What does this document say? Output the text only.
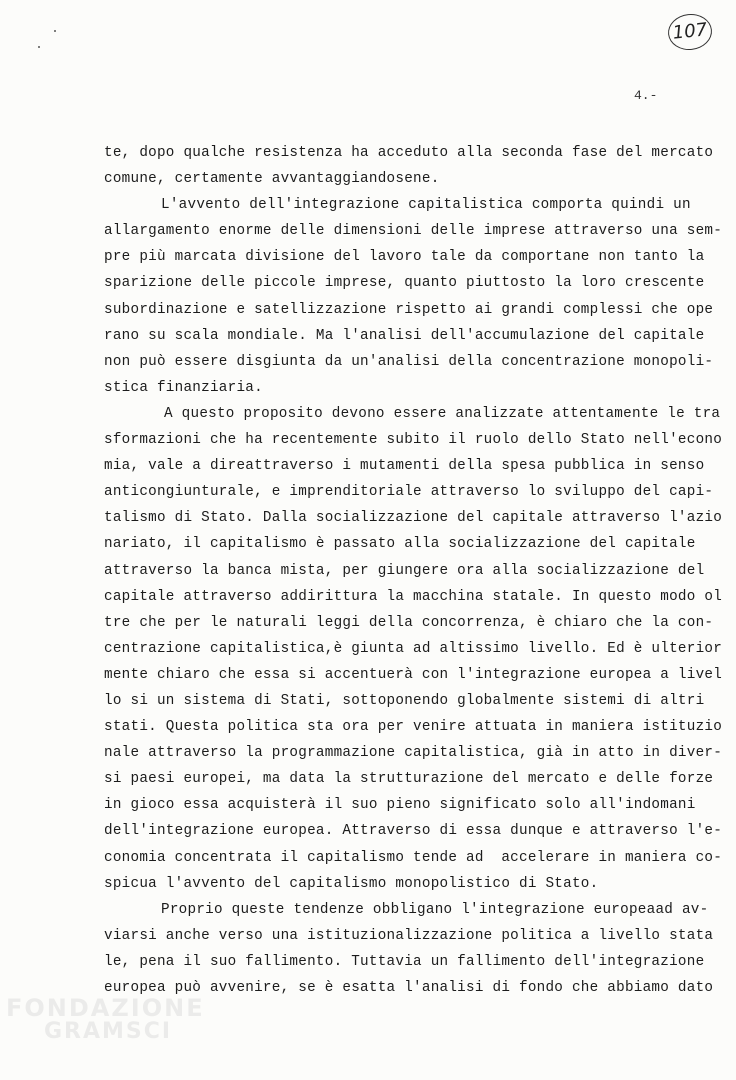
107
4.-
te, dopo qualche resistenza ha acceduto alla seconda fase del mercato
comune, certamente avvantaggiandosene.
L'avvento dell'integrazione capitalistica comporta quindi un
allargamento enorme delle dimensioni delle imprese attraverso una sem-
pre più marcata divisione del lavoro tale da comportane non tanto la
sparizione delle piccole imprese, quanto piuttosto la loro crescente
subordinazione e satellizzazione rispetto ai grandi complessi che ope
rano su scala mondiale. Ma l'analisi dell'accumulazione del capitale
non può essere disgiunta da un'analisi della concentrazione monopoli-
stica finanziaria.
A questo proposito devono essere analizzate attentamente le tra
sformazioni che ha recentemente subito il ruolo dello Stato nell'econo
mia, vale a direattraverso i mutamenti della spesa pubblica in senso
anticongiunturale, e imprenditoriale attraverso lo sviluppo del capi-
talismo di Stato. Dalla socializzazione del capitale attraverso l'azio
nariato, il capitalismo è passato alla socializzazione del capitale
attraverso la banca mista, per giungere ora alla socializzazione del
capitale attraverso addirittura la macchina statale. In questo modo ol
tre che per le naturali leggi della concorrenza, è chiaro che la con-
centrazione capitalistica,è giunta ad altissimo livello. Ed è ulterior
mente chiaro che essa si accentuerà con l'integrazione europea a livel
lo si un sistema di Stati, sottoponendo globalmente sistemi di altri
stati. Questa politica sta ora per venire attuata in maniera istituzio
nale attraverso la programmazione capitalistica, già in atto in diver-
si paesi europei, ma data la strutturazione del mercato e delle forze
in gioco essa acquisterà il suo pieno significato solo all'indomani
dell'integrazione europea. Attraverso di essa dunque e attraverso l'e-
conomia concentrata il capitalismo tende ad  accelerare in maniera co-
spicua l'avvento del capitalismo monopolistico di Stato.
Proprio queste tendenze obbligano l'integrazione europeaad av-
viarsi anche verso una istituzionalizzazione politica a livello stata
le, pena il suo fallimento. Tuttavia un fallimento dell'integrazione
europea può avvenire, se è esatta l'analisi di fondo che abbiamo dato
FONDAZIONE
GRAMSCI
